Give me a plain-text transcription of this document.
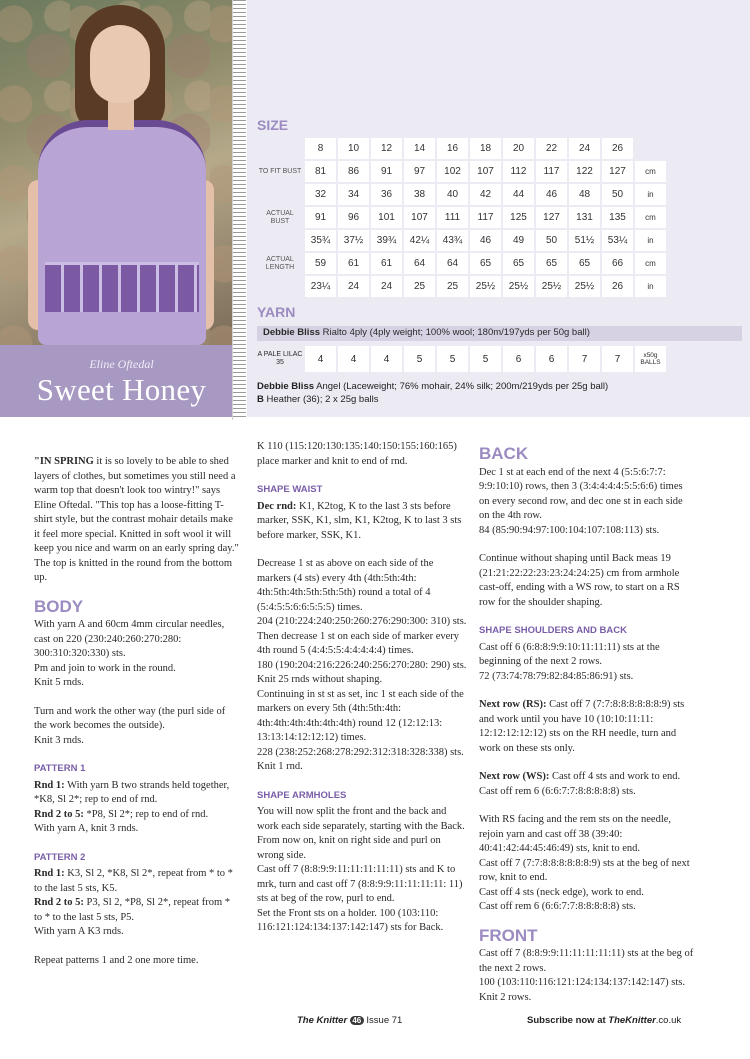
Eline Oftedal
Sweet Honey
SIZE
	8	10	12	14	16	18	20	22	24	26	
TO FIT BUST	81	86	91	97	102	107	112	117	122	127	cm
	32	34	36	38	40	42	44	46	48	50	in
ACTUAL BUST	91	96	101	107	111	117	125	127	131	135	cm
	35¾	37½	39¾	42¼	43¾	46	49	50	51½	53¼	in
ACTUAL LENGTH	59	61	61	64	64	65	65	65	65	66	cm
	23¼	24	24	25	25	25½	25½	25½	25½	26	in
YARN
Debbie Bliss Rialto 4ply (4ply weight; 100% wool; 180m/197yds per 50g ball)
A PALE LILAC 35	4	4	4	5	5	5	6	6	7	7	x50g BALLS
Debbie Bliss Angel (Laceweight; 76% mohair, 24% silk; 200m/219yds per 25g ball)
B Heather (36); 2 x 25g balls

"IN SPRING it is so lovely to be able to shed layers of clothes, but sometimes you still need a warm top that doesn't look too wintry!" says Eline Oftedal. "This top has a loose-fitting T-shirt style, but the contrast mohair details make it feel more special. Knitted in soft wool it will keep you nice and warm on an early spring day." The top is knitted in the round from the bottom up.

BODY

With yarn A and 60cm 4mm circular needles, cast on 220 (230:240:260:270:280: 300:310:320:330) sts.

Pm and join to work in the round.

Knit 5 rnds.

Turn and work the other way (the purl side of the work becomes the outside).

Knit 3 rnds.

PATTERN 1

Rnd 1: With yarn B two strands held together, *K8, Sl 2*; rep to end of rnd.

Rnd 2 to 5: *P8, Sl 2*; rep to end of rnd.

With yarn A, knit 3 rnds.

PATTERN 2

Rnd 1: K3, Sl 2, *K8, Sl 2*, repeat from * to * to the last 5 sts, K5.

Rnd 2 to 5: P3, Sl 2, *P8, Sl 2*, repeat from * to * to the last 5 sts, P5.

With yarn A K3 rnds.

Repeat patterns 1 and 2 one more time.

K 110 (115:120:130:135:140:150:155:160:165) place marker and knit to end of rnd.

SHAPE WAIST

Dec rnd: K1, K2tog, K to the last 3 sts before marker, SSK, K1, slm, K1, K2tog, K to last 3 sts before marker, SSK, K1.

Decrease 1 st as above on each side of the markers (4 sts) every 4th (4th:5th:4th: 4th:5th:4th:5th:5th:5th) round a total of 4 (5:4:5:5:6:6:5:5:5) times.

204 (210:224:240:250:260:276:290:300: 310) sts.

Then decrease 1 st on each side of marker every 4th round 5 (4:4:5:5:4:4:4:4:4) times.

180 (190:204:216:226:240:256:270:280: 290) sts.

Knit 25 rnds without shaping.

Continuing in st st as set, inc 1 st each side of the markers on every 5th (4th:5th:4th: 4th:4th:4th:4th:4th:4th) round 12 (12:12:13: 13:13:14:12:12:12) times.

228 (238:252:268:278:292:312:318:328:338) sts.

Knit 1 rnd.

SHAPE ARMHOLES

You will now split the front and the back and work each side separately, starting with the Back. From now on, knit on right side and purl on wrong side.

Cast off 7 (8:8:9:9:11:11:11:11:11) sts and K to mrk, turn and cast off 7 (8:8:9:9:11:11:11:11: 11) sts at beg of the row, purl to end.

Set the Front sts on a holder. 100 (103:110: 116:121:124:134:137:142:147) sts for Back.

BACK

Dec 1 st at each end of the next 4 (5:5:6:7:7: 9:9:10:10) rows, then 3 (3:4:4:4:4:5:5:6:6) times on every second row, and dec one st in each side on the 4th row.

84 (85:90:94:97:100:104:107:108:113) sts.

Continue without shaping until Back meas 19 (21:21:22:22:23:23:24:24:25) cm from armhole cast-off, ending with a WS row, to start on a RS row for the shoulder shaping.

SHAPE SHOULDERS AND BACK

Cast off 6 (6:8:8:9:9:10:11:11:11) sts at the beginning of the next 2 rows.

72 (73:74:78:79:82:84:85:86:91) sts.

Next row (RS): Cast off 7 (7:7:8:8:8:8:8:8:9) sts and work until you have 10 (10:10:11:11: 12:12:12:12:12) sts on the RH needle, turn and work on these sts only.

Next row (WS): Cast off 4 sts and work to end. Cast off rem 6 (6:6:7:7:8:8:8:8:8) sts.

With RS facing and the rem sts on the needle, rejoin yarn and cast off 38 (39:40: 40:41:42:44:45:46:49) sts, knit to end.

Cast off 7 (7:7:8:8:8:8:8:8:9) sts at the beg of next row, knit to end.

Cast off 4 sts (neck edge), work to end.

Cast off rem 6 (6:6:7:7:8:8:8:8:8) sts.

FRONT

Cast off 7 (8:8:9:9:11:11:11:11:11) sts at the beg of the next 2 rows.

100 (103:110:116:121:124:134:137:142:147) sts.

Knit 2 rows.

The Knitter 46 Issue 71	Subscribe now at TheKnitter.co.uk
